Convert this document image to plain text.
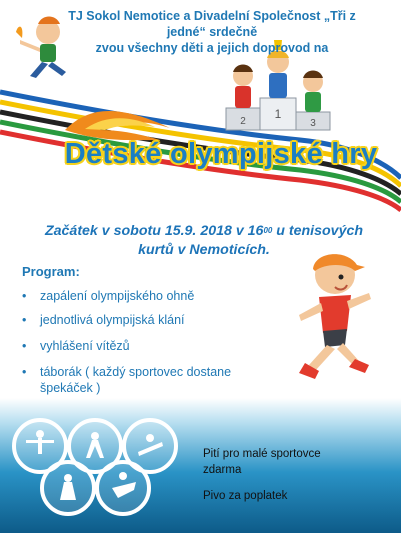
2
1
3
TJ Sokol Nemotice a Divadelní Společnost „Tři z jedné“ srdečně
zvou všechny děti a jejich doprovod na
Dětské olympijské hry
Začátek v sobotu 15.9. 2018 v $16^{00}$ u tenisových
kurtů v Nemoticích.
Program:
• zapálení olympijského ohně
• jednotlivá olympijská klání
• vyhlášení vítězů
• táborák ( každý sportovec dostane špekáček )
Pití pro malé sportovce zdarma
Pivo za poplatek
